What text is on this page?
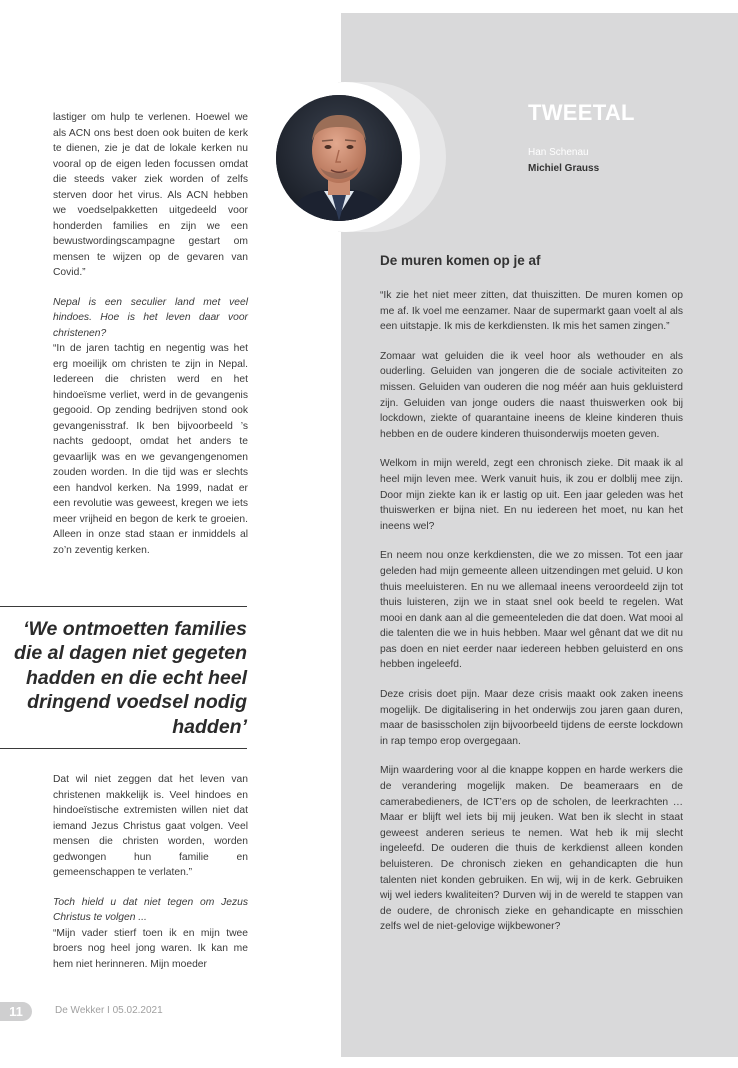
lastiger om hulp te verlenen. Hoewel we als ACN ons best doen ook buiten de kerk te dienen, zie je dat de lokale kerken nu vooral op de eigen leden focussen omdat die steeds vaker ziek worden of zelfs sterven door het virus. Als ACN hebben we voedselpakketten uitgedeeld voor honderden families en zijn we een bewustwordingscampagne gestart om mensen te wijzen op de gevaren van Covid.”

Nepal is een seculier land met veel hindoes. Hoe is het leven daar voor christenen?

“In de jaren tachtig en negentig was het erg moeilijk om christen te zijn in Nepal. Iedereen die christen werd en het hindoeïsme verliet, werd in de gevangenis gegooid. Op zending bedrijven stond ook gevangenisstraf. Ik ben bijvoorbeeld ’s nachts gedoopt, omdat het anders te gevaarlijk was en we gevangengenomen zouden worden. In die tijd was er slechts een handvol kerken. Na 1999, nadat er een revolutie was geweest, kregen we iets meer vrijheid en begon de kerk te groeien. Alleen in onze stad staan er inmiddels al zo’n zeventig kerken.

‘We ontmoetten families die al dagen niet gegeten hadden en die echt heel dringend voedsel nodig hadden’

Dat wil niet zeggen dat het leven van christenen makkelijk is. Veel hindoes en hindoeïstische extremisten willen niet dat iemand Jezus Christus gaat volgen. Veel mensen die christen worden, worden gedwongen hun familie en gemeenschappen te verlaten.”

Toch hield u dat niet tegen om Jezus Christus te volgen ...

“Mijn vader stierf toen ik en mijn twee broers nog heel jong waren. Ik kan me hem niet herinneren. Mijn moeder

TWEETAL
Han Schenau
Michiel Grauss
De muren komen op je af

“Ik zie het niet meer zitten, dat thuiszitten. De muren komen op me af. Ik voel me eenzamer. Naar de supermarkt gaan voelt al als een uitstapje. Ik mis de kerkdiensten. Ik mis het samen zingen.”

Zomaar wat geluiden die ik veel hoor als wethouder en als ouderling. Geluiden van jongeren die de sociale activiteiten zo missen. Geluiden van ouderen die nog méér aan huis gekluisterd zijn. Geluiden van jonge ouders die naast thuiswerken ook bij lockdown, ziekte of quarantaine ineens de kleine kinderen thuis hebben en de oudere kinderen thuisonderwijs moeten geven.

Welkom in mijn wereld, zegt een chronisch zieke. Dit maak ik al heel mijn leven mee. Werk vanuit huis, ik zou er dolblij mee zijn. Door mijn ziekte kan ik er lastig op uit. Een jaar geleden was het thuiswerken er bijna niet. En nu iedereen het moet, nu kan het ineens wel?

En neem nou onze kerkdiensten, die we zo missen. Tot een jaar geleden had mijn gemeente alleen uitzendingen met geluid. U kon thuis meeluisteren. En nu we allemaal ineens veroordeeld zijn tot thuis luisteren, zijn we in staat snel ook beeld te regelen. Wat mooi en dank aan al die gemeenteleden die dat doen. Wat mooi al die talenten die we in huis hebben. Maar wel gênant dat we dit nu pas doen en niet eerder naar iedereen hebben geluisterd en ons hebben ingeleefd.

Deze crisis doet pijn. Maar deze crisis maakt ook zaken ineens mogelijk. De digitalisering in het onderwijs zou jaren gaan duren, maar de basisscholen zijn bijvoorbeeld tijdens de eerste lockdown in rap tempo erop overgegaan.

Mijn waardering voor al die knappe koppen en harde werkers die de verandering mogelijk maken. De beameraars en de camerabedieners, de ICT’ers op de scholen, de leerkrachten … Maar er blijft wel iets bij mij jeuken. Wat ben ik slecht in staat geweest anderen serieus te nemen. Wat heb ik mij slecht ingeleefd. De ouderen die thuis de kerkdienst alleen konden beluisteren. De chronisch zieken en gehandicapten die hun talenten niet konden gebruiken. En wij, wij in de kerk. Gebruiken wij wel ieders kwaliteiten? Durven wij in de wereld te stappen van de oudere, de chronisch zieke en gehandicapte en misschien zelfs wel de niet-gelovige wijkbewoner?

11	De Wekker I 05.02.2021
